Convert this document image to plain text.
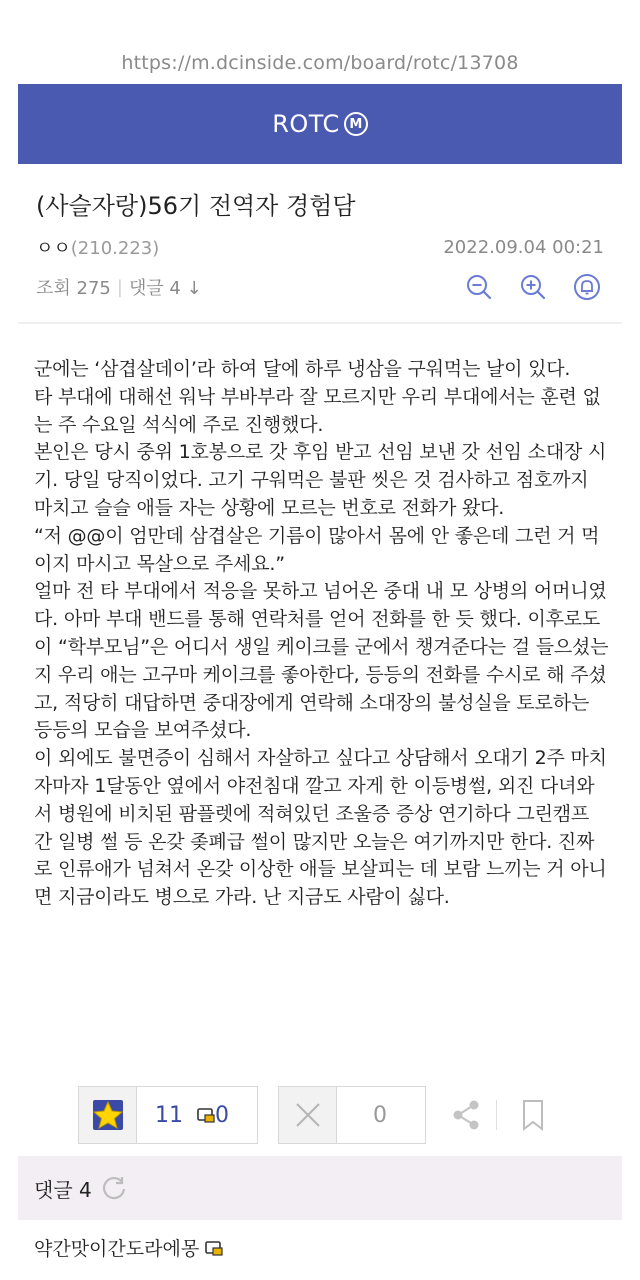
https://m.dcinside.com/board/rotc/13708
ROTC M
(사슬자랑)56기 전역자 경험담
ㅇㅇ(210.223)	2022.09.04 00:21
조회 275 | 댓글 4 ↓

군에는 ‘삼겹살데이’라 하여 달에 하루 냉삼을 구워먹는 날이 있다.

타 부대에 대해선 워낙 부바부라 잘 모르지만 우리 부대에서는 훈련 없는 주 수요일 석식에 주로 진행했다.

본인은 당시 중위 1호봉으로 갓 후임 받고 선임 보낸 갓 선임 소대장 시기. 당일 당직이었다. 고기 구워먹은 불판 씻은 것 검사하고 점호까지 마치고 슬슬 애들 자는 상황에 모르는 번호로 전화가 왔다.

“저 @@이 엄만데 삼겹살은 기름이 많아서 몸에 안 좋은데 그런 거 먹이지 마시고 목살으로 주세요.”

얼마 전 타 부대에서 적응을 못하고 넘어온 중대 내 모 상병의 어머니였다. 아마 부대 밴드를 통해 연락처를 얻어 전화를 한 듯 했다. 이후로도 이 “학부모님”은 어디서 생일 케이크를 군에서 챙겨준다는 걸 들으셨는지 우리 애는 고구마 케이크를 좋아한다, 등등의 전화를 수시로 해 주셨고, 적당히 대답하면 중대장에게 연락해 소대장의 불성실을 토로하는 등등의 모습을 보여주셨다.

이 외에도 불면증이 심해서 자살하고 싶다고 상담해서 오대기 2주 마치자마자 1달동안 옆에서 야전침대 깔고 자게 한 이등병썰, 외진 다녀와서 병원에 비치된 팜플렛에 적혀있던 조울증 증상 연기하다 그린캠프 간 일병 썰 등 온갖 좆폐급 썰이 많지만 오늘은 여기까지만 한다. 진짜로 인류애가 넘쳐서 온갖 이상한 애들 보살피는 데 보람 느끼는 거 아니면 지금이라도 병으로 가라. 난 지금도 사람이 싫다.

11 0	0
댓글 4
약간맛이간도라에몽
